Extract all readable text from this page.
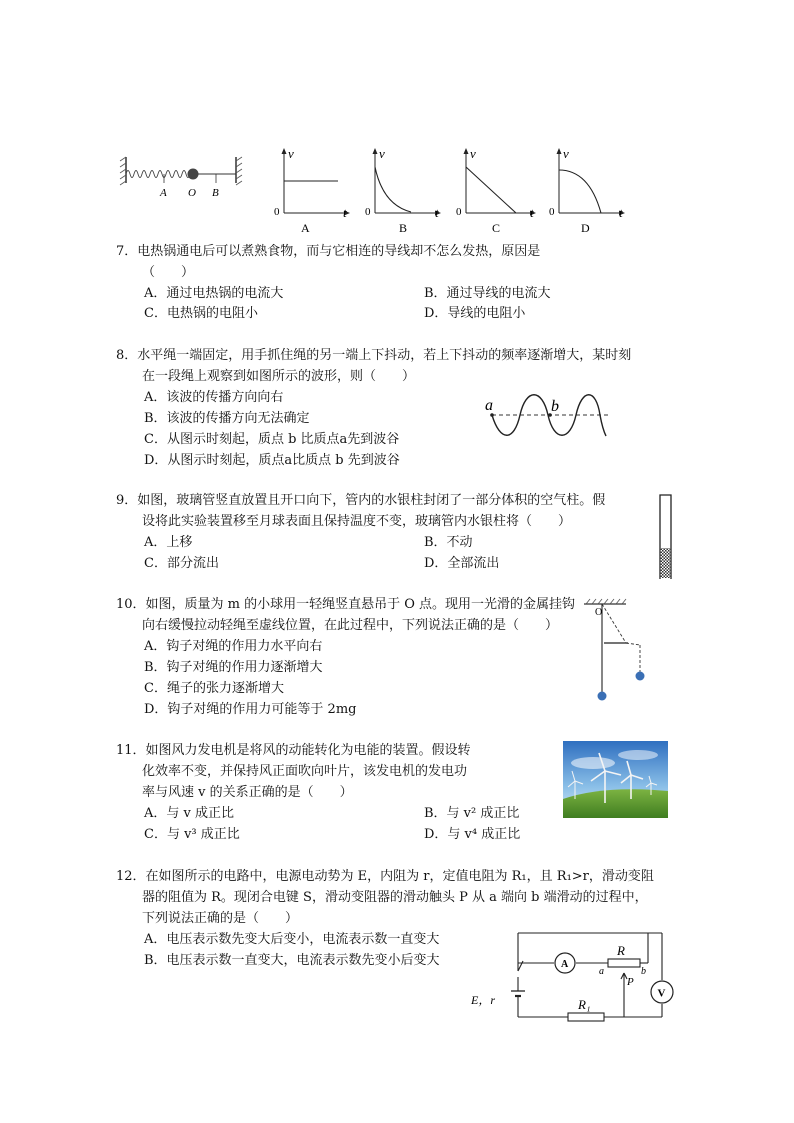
A O B
v
t
0
A
v
t
0
B
v
t
0
C
v
t
0
D
7．电热锅通电后可以煮熟食物，而与它相连的导线却不怎么发热，原因是
（　　）
A．通过电热锅的电流大	B．通过导线的电流大
C．电热锅的电阻小	D．导线的电阻小
8．水平绳一端固定，用手抓住绳的另一端上下抖动，若上下抖动的频率逐渐增大，某时刻
在一段绳上观察到如图所示的波形，则（　　）
A．该波的传播方向向右
B．该波的传播方向无法确定
C．从图示时刻起，质点 b 比质点a先到波谷
D．从图示时刻起，质点a比质点 b 先到波谷
a	b
9．如图，玻璃管竖直放置且开口向下，管内的水银柱封闭了一部分体积的空气柱。假
设将此实验装置移至月球表面且保持温度不变，玻璃管内水银柱将（　　）
A．上移	B．不动
C．部分流出	D．全部流出
10．如图，质量为 m 的小球用一轻绳竖直悬吊于 O 点。现用一光滑的金属挂钩
向右缓慢拉动轻绳至虚线位置，在此过程中，下列说法正确的是（　　）
A．钩子对绳的作用力水平向右
B．钩子对绳的作用力逐渐增大
C．绳子的张力逐渐增大
D．钩子对绳的作用力可能等于 2mg
O
11．如图风力发电机是将风的动能转化为电能的装置。假设转
化效率不变，并保持风正面吹向叶片，该发电机的发电功
率与风速 v 的关系正确的是（　　）
A．与 v 成正比	B．与 v² 成正比
C．与 v³ 成正比	D．与 v⁴ 成正比
12．在如图所示的电路中，电源电动势为 E，内阻为 r，定值电阻为 R₁，且 R₁>r，滑动变阻
器的阻值为 R。现闭合电键 S，滑动变阻器的滑动触头 P 从 a 端向 b 端滑动的过程中，
下列说法正确的是（　　）
A．电压表示数先变大后变小，电流表示数一直变大
B．电压表示数一直变大，电流表示数先变小后变大	A
V
R
a	b
P
R₁
E，r
